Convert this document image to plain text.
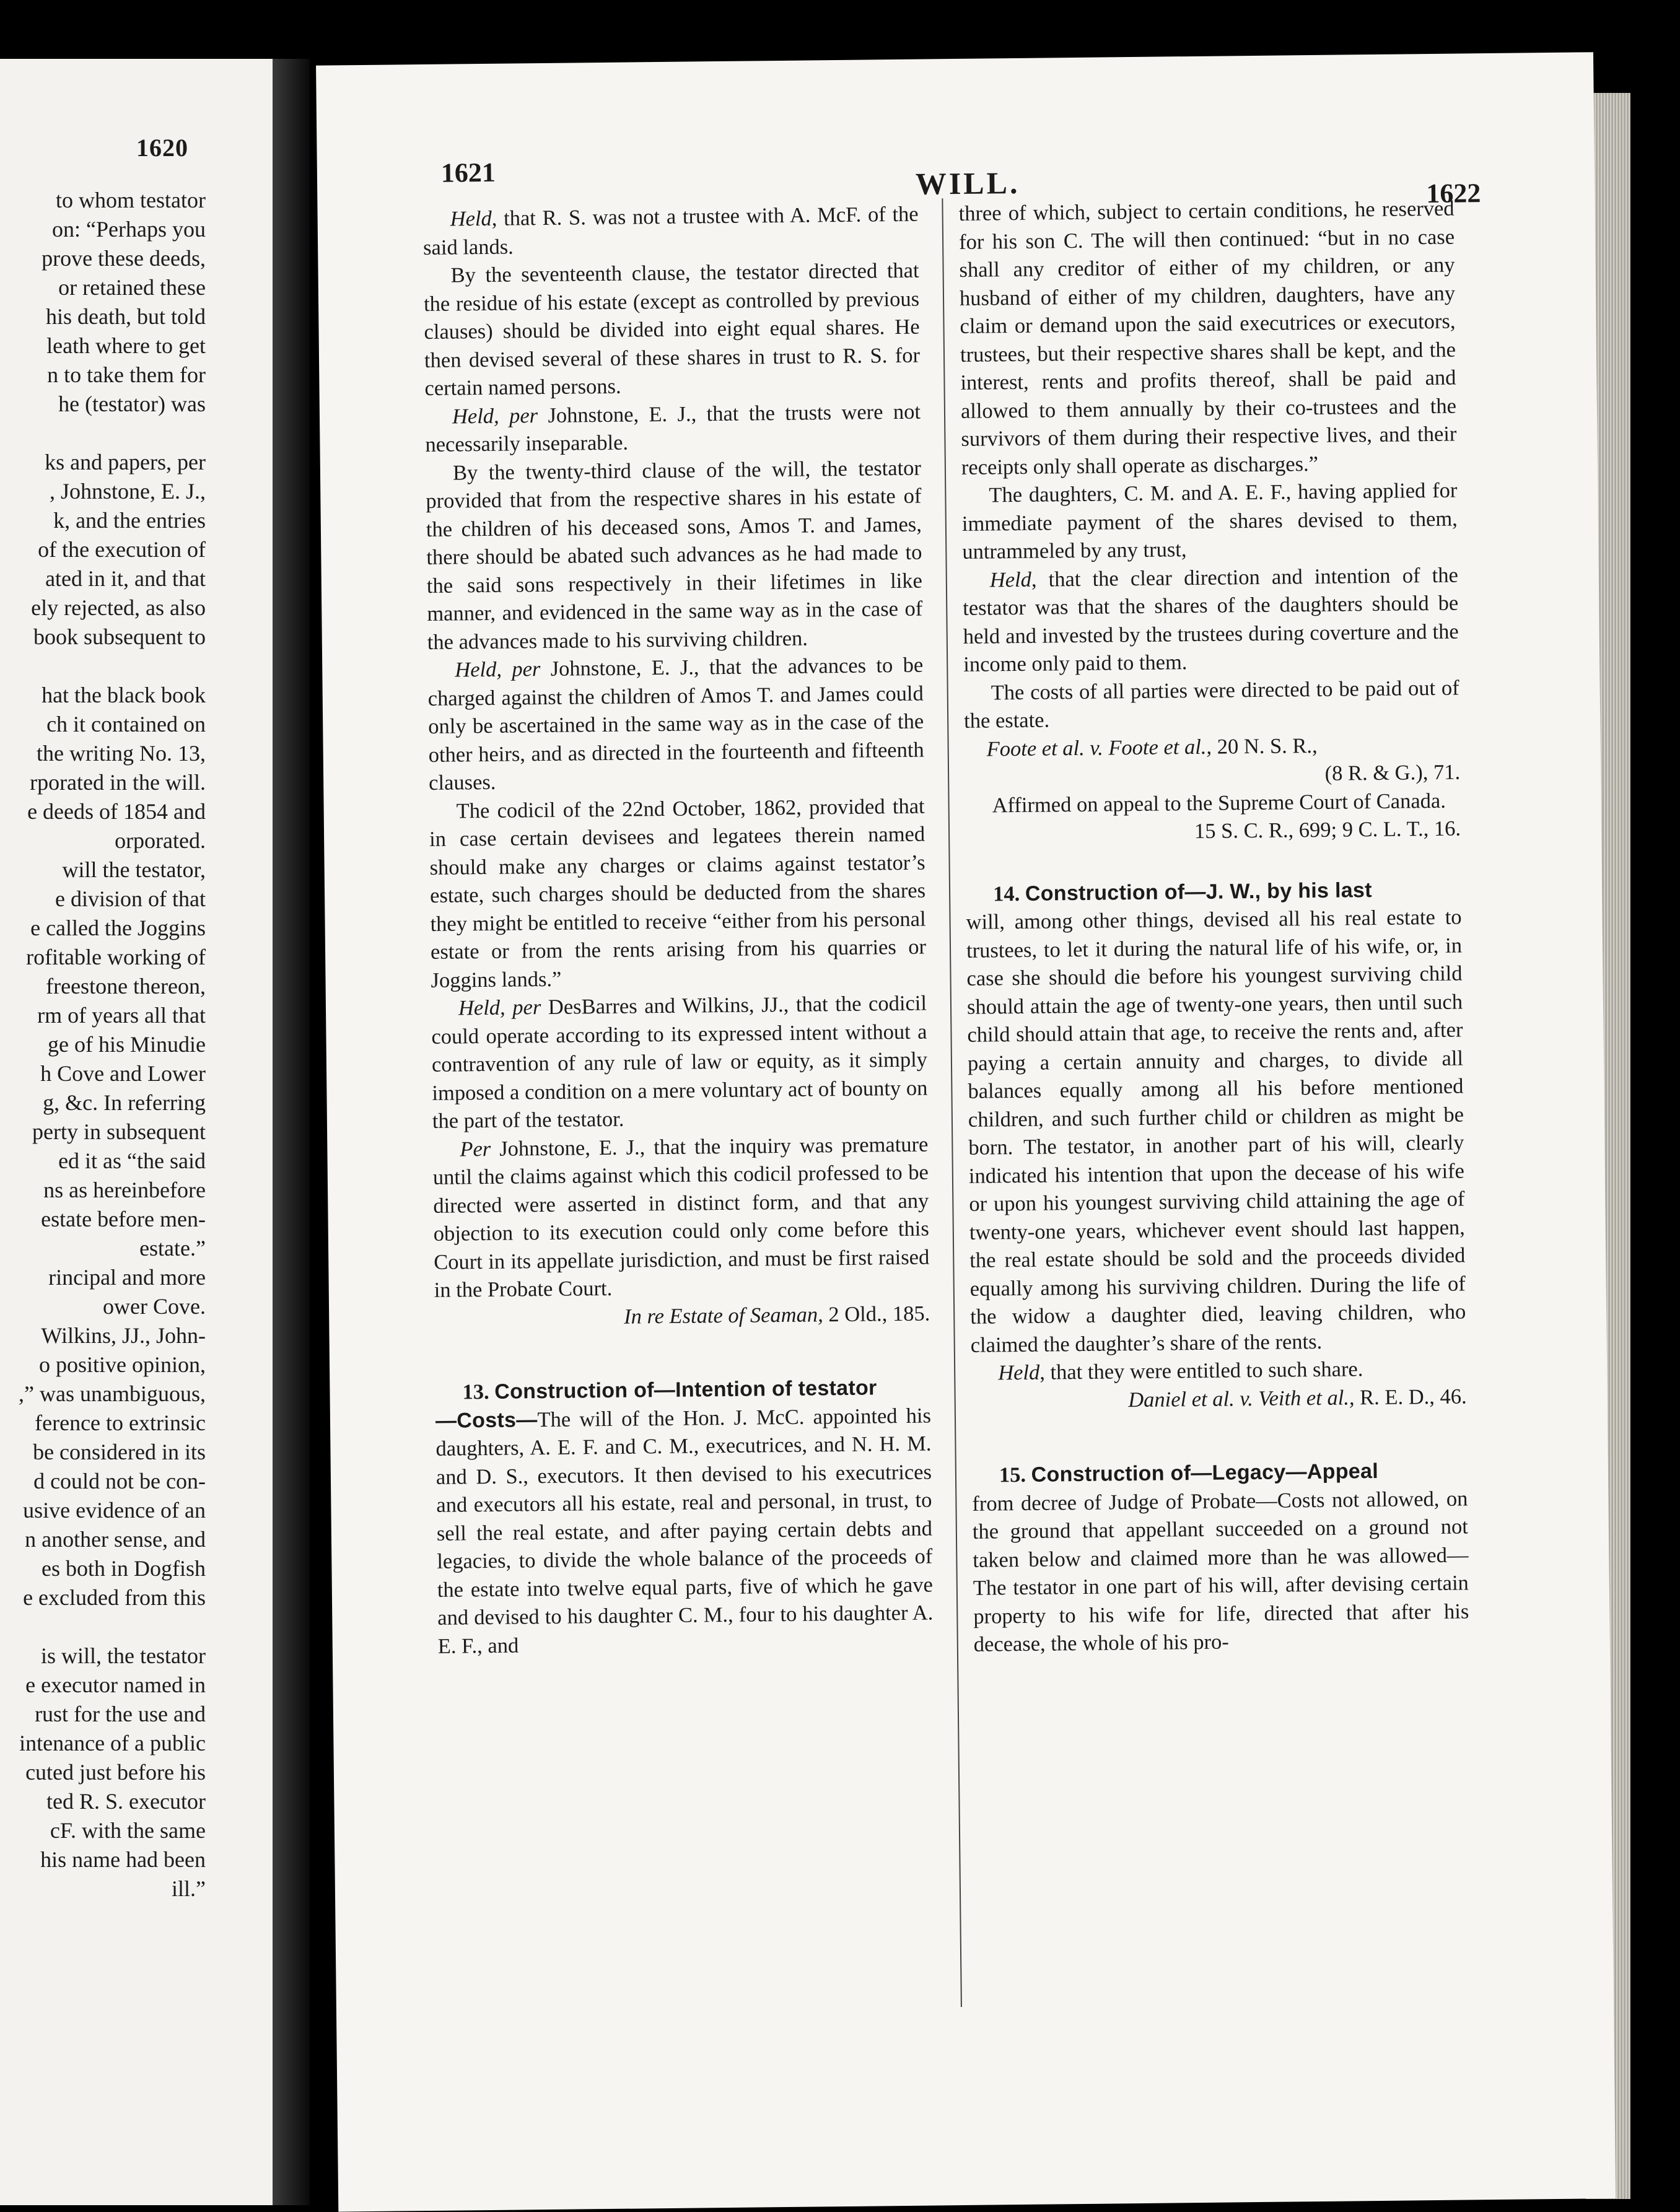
1620
to whom testator
on: “Perhaps you
prove these deeds,
or retained these
his death, but told
leath where to get
n to take them for
he (testator) was
ks and papers, per
, Johnstone, E. J.,
k, and the entries
of the execution of
ated in it, and that
ely rejected, as also
book subsequent to
hat the black book
ch it contained on
the writing No. 13,
rporated in the will.
e deeds of 1854 and
orporated.
will the testator,
e division of that
e called the Joggins
rofitable working of
freestone thereon,
rm of years all that
ge of his Minudie
h Cove and Lower
g, &c. In referring
perty in subsequent
ed it as “the said
ns as hereinbefore
estate before men-
estate.”
rincipal and more
ower Cove.
Wilkins, JJ., John-
o positive opinion,
,” was unambiguous,
ference to extrinsic
be considered in its
d could not be con-
usive evidence of an
n another sense, and
es both in Dogfish
e excluded from this
is will, the testator
e executor named in
rust for the use and
intenance of a public
cuted just before his
ted R. S. executor
cF. with the same
his name had been
ill.”
1621	WILL.	1622

Held, that R. S. was not a trustee with A. McF. of the said lands.

By the seventeenth clause, the testator directed that the residue of his estate (except as controlled by previous clauses) should be divided into eight equal shares. He then devised several of these shares in trust to R. S. for certain named persons.

Held, per Johnstone, E. J., that the trusts were not necessarily inseparable.

By the twenty-third clause of the will, the testator provided that from the respective shares in his estate of the children of his deceased sons, Amos T. and James, there should be abated such advances as he had made to the said sons respectively in their lifetimes in like manner, and evidenced in the same way as in the case of the advances made to his surviving children.

Held, per Johnstone, E. J., that the advances to be charged against the children of Amos T. and James could only be ascertained in the same way as in the case of the other heirs, and as directed in the fourteenth and fifteenth clauses.

The codicil of the 22nd October, 1862, provided that in case certain devisees and legatees therein named should make any charges or claims against testator’s estate, such charges should be deducted from the shares they might be entitled to receive “either from his personal estate or from the rents arising from his quarries or Joggins lands.”

Held, per DesBarres and Wilkins, JJ., that the codicil could operate according to its expressed intent without a contravention of any rule of law or equity, as it simply imposed a condition on a mere voluntary act of bounty on the part of the testator.

Per Johnstone, E. J., that the inquiry was premature until the claims against which this codicil professed to be directed were asserted in distinct form, and that any objection to its execution could only come before this Court in its appellate jurisdiction, and must be first raised in the Probate Court.

In re Estate of Seaman, 2 Old., 185.

13. Construction of—Intention of testator

—Costs—The will of the Hon. J. McC. appointed his daughters, A. E. F. and C. M., executrices, and N. H. M. and D. S., executors. It then devised to his executrices and executors all his estate, real and personal, in trust, to sell the real estate, and after paying certain debts and legacies, to divide the whole balance of the proceeds of the estate into twelve equal parts, five of which he gave and devised to his daughter C. M., four to his daughter A. E. F., and

three of which, subject to certain conditions, he reserved for his son C. The will then continued: “but in no case shall any creditor of either of my children, or any husband of either of my children, daughters, have any claim or demand upon the said executrices or executors, trustees, but their respective shares shall be kept, and the interest, rents and profits thereof, shall be paid and allowed to them annually by their co-trustees and the survivors of them during their respective lives, and their receipts only shall operate as discharges.”

The daughters, C. M. and A. E. F., having applied for immediate payment of the shares devised to them, untrammeled by any trust,

Held, that the clear direction and intention of the testator was that the shares of the daughters should be held and invested by the trustees during coverture and the income only paid to them.

The costs of all parties were directed to be paid out of the estate.

Foote et al. v. Foote et al., 20 N. S. R.,

(8 R. & G.), 71.

Affirmed on appeal to the Supreme Court of Canada.

15 S. C. R., 699; 9 C. L. T., 16.

14. Construction of—J. W., by his last

will, among other things, devised all his real estate to trustees, to let it during the natural life of his wife, or, in case she should die before his youngest surviving child should attain the age of twenty-one years, then until such child should attain that age, to receive the rents and, after paying a certain annuity and charges, to divide all balances equally among all his before mentioned children, and such further child or children as might be born. The testator, in another part of his will, clearly indicated his intention that upon the decease of his wife or upon his youngest surviving child attaining the age of twenty-one years, whichever event should last happen, the real estate should be sold and the proceeds divided equally among his surviving children. During the life of the widow a daughter died, leaving children, who claimed the daughter’s share of the rents.

Held, that they were entitled to such share.

Daniel et al. v. Veith et al., R. E. D., 46.

15. Construction of—Legacy—Appeal

from decree of Judge of Probate—Costs not allowed, on the ground that appellant succeeded on a ground not taken below and claimed more than he was allowed—The testator in one part of his will, after devising certain property to his wife for life, directed that after his decease, the whole of his pro-
